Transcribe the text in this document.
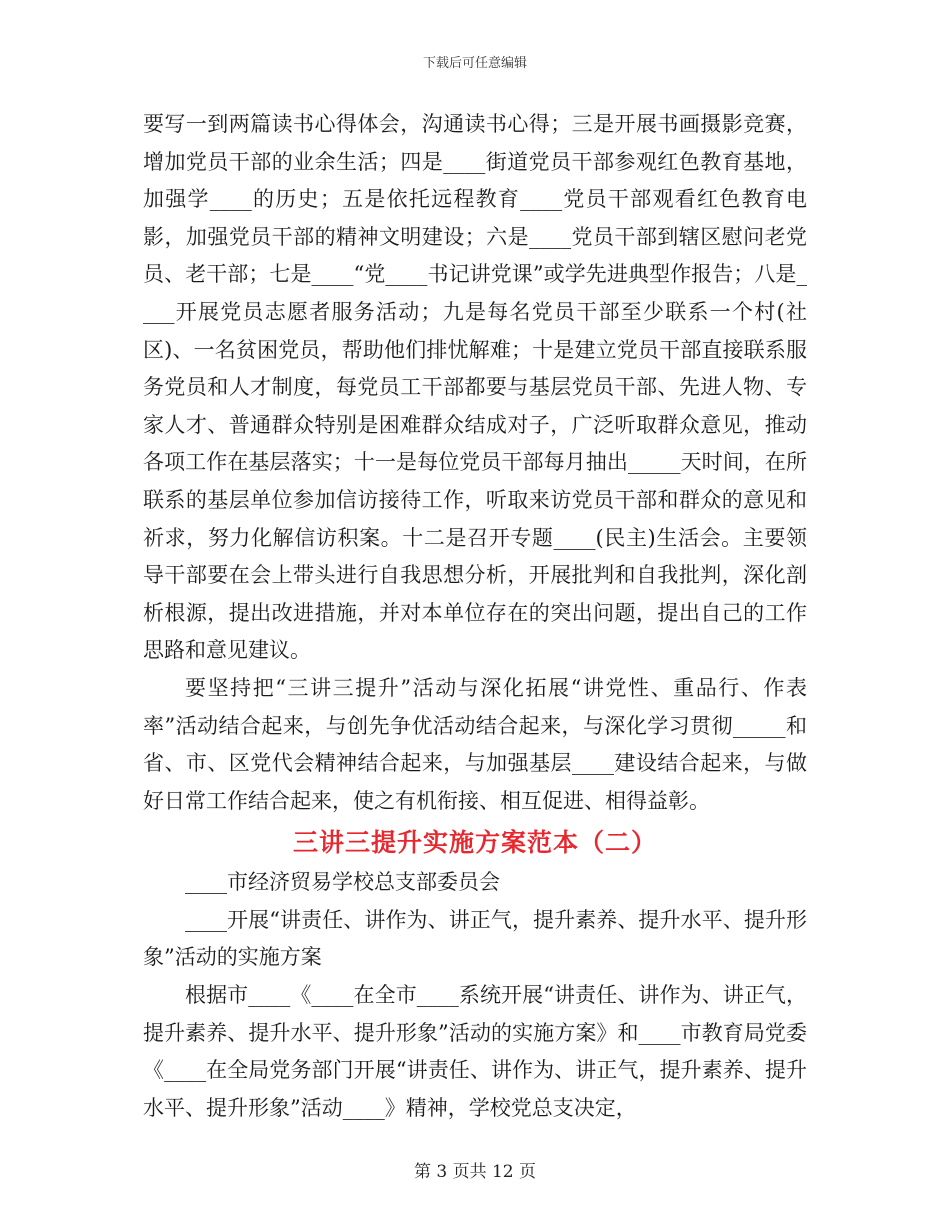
下载后可任意编辑

要写一到两篇读书心得体会，沟通读书心得；三是开展书画摄影竞赛，增加党员干部的业余生活；四是____街道党员干部参观红色教育基地，加强学____的历史；五是依托远程教育____党员干部观看红色教育电影，加强党员干部的精神文明建设；六是____党员干部到辖区慰问老党员、老干部；七是____“党____书记讲党课”或学先进典型作报告；八是____开展党员志愿者服务活动；九是每名党员干部至少联系一个村(社区)、一名贫困党员，帮助他们排忧解难；十是建立党员干部直接联系服务党员和人才制度，每党员工干部都要与基层党员干部、先进人物、专家人才、普通群众特别是困难群众结成对子，广泛听取群众意见，推动各项工作在基层落实；十一是每位党员干部每月抽出_____天时间，在所联系的基层单位参加信访接待工作，听取来访党员干部和群众的意见和祈求，努力化解信访积案。十二是召开专题____(民主)生活会。主要领导干部要在会上带头进行自我思想分析，开展批判和自我批判，深化剖析根源，提出改进措施，并对本单位存在的突出问题，提出自己的工作思路和意见建议。

要坚持把“三讲三提升”活动与深化拓展“讲党性、重品行、作表率”活动结合起来，与创先争优活动结合起来，与深化学习贯彻_____和省、市、区党代会精神结合起来，与加强基层____建设结合起来，与做好日常工作结合起来，使之有机衔接、相互促进、相得益彰。

三讲三提升实施方案范本（二）

____市经济贸易学校总支部委员会

____开展“讲责任、讲作为、讲正气，提升素养、提升水平、提升形象”活动的实施方案

根据市____《____在全市____系统开展“讲责任、讲作为、讲正气，提升素养、提升水平、提升形象”活动的实施方案》和____市教育局党委《____在全局党务部门开展“讲责任、讲作为、讲正气，提升素养、提升水平、提升形象”活动____》精神，学校党总支决定，

第 3 页共 12 页
